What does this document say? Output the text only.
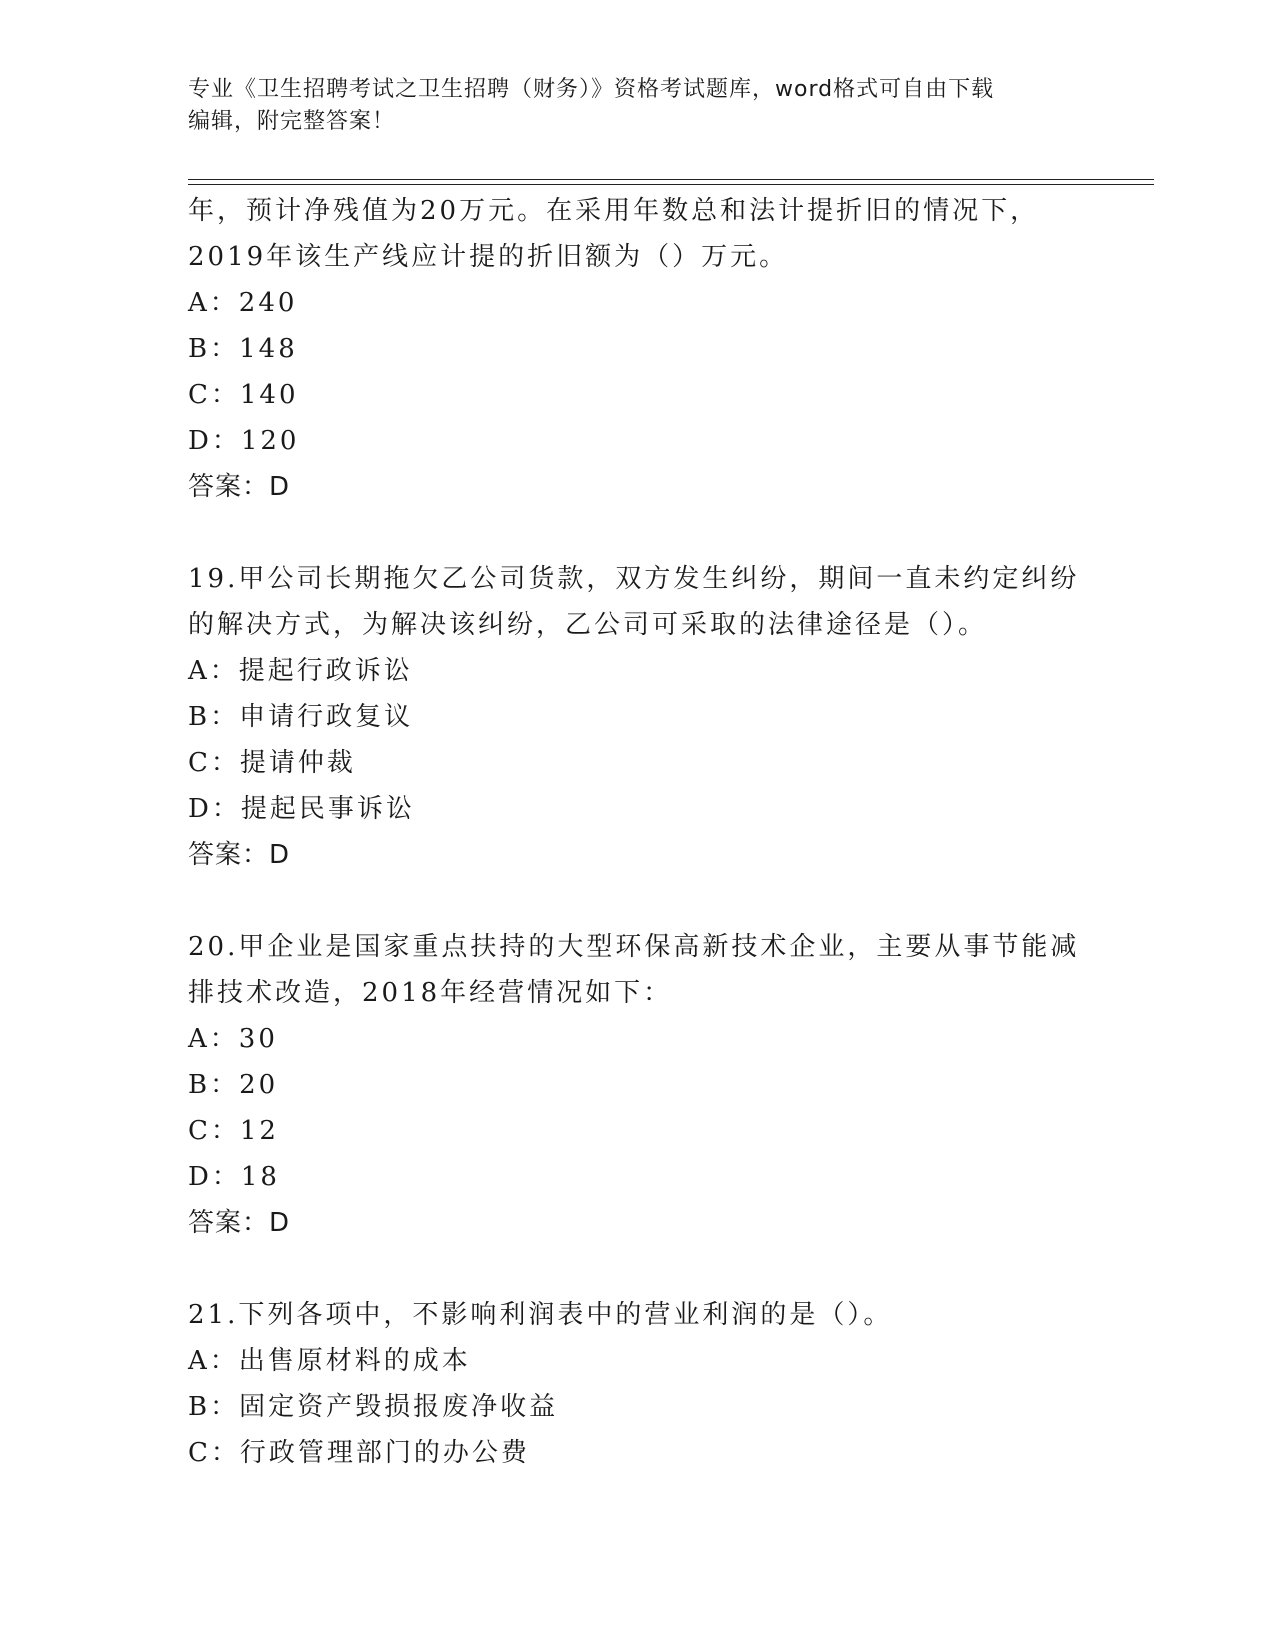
专业《卫生招聘考试之卫生招聘（财务）》资格考试题库，word格式可自由下载
编辑，附完整答案！

年，预计净残值为20万元。在采用年数总和法计提折旧的情况下，

2019年该生产线应计提的折旧额为（）万元。

A：240

B：148

C：140

D：120

答案：D

19.甲公司长期拖欠乙公司货款，双方发生纠纷，期间一直未约定纠纷

的解决方式，为解决该纠纷，乙公司可采取的法律途径是（）。

A：提起行政诉讼

B：申请行政复议

C：提请仲裁

D：提起民事诉讼

答案：D

20.甲企业是国家重点扶持的大型环保高新技术企业，主要从事节能减

排技术改造，2018年经营情况如下：

A：30

B：20

C：12

D：18

答案：D

21.下列各项中，不影响利润表中的营业利润的是（）。

A：出售原材料的成本

B：固定资产毁损报废净收益

C：行政管理部门的办公费
